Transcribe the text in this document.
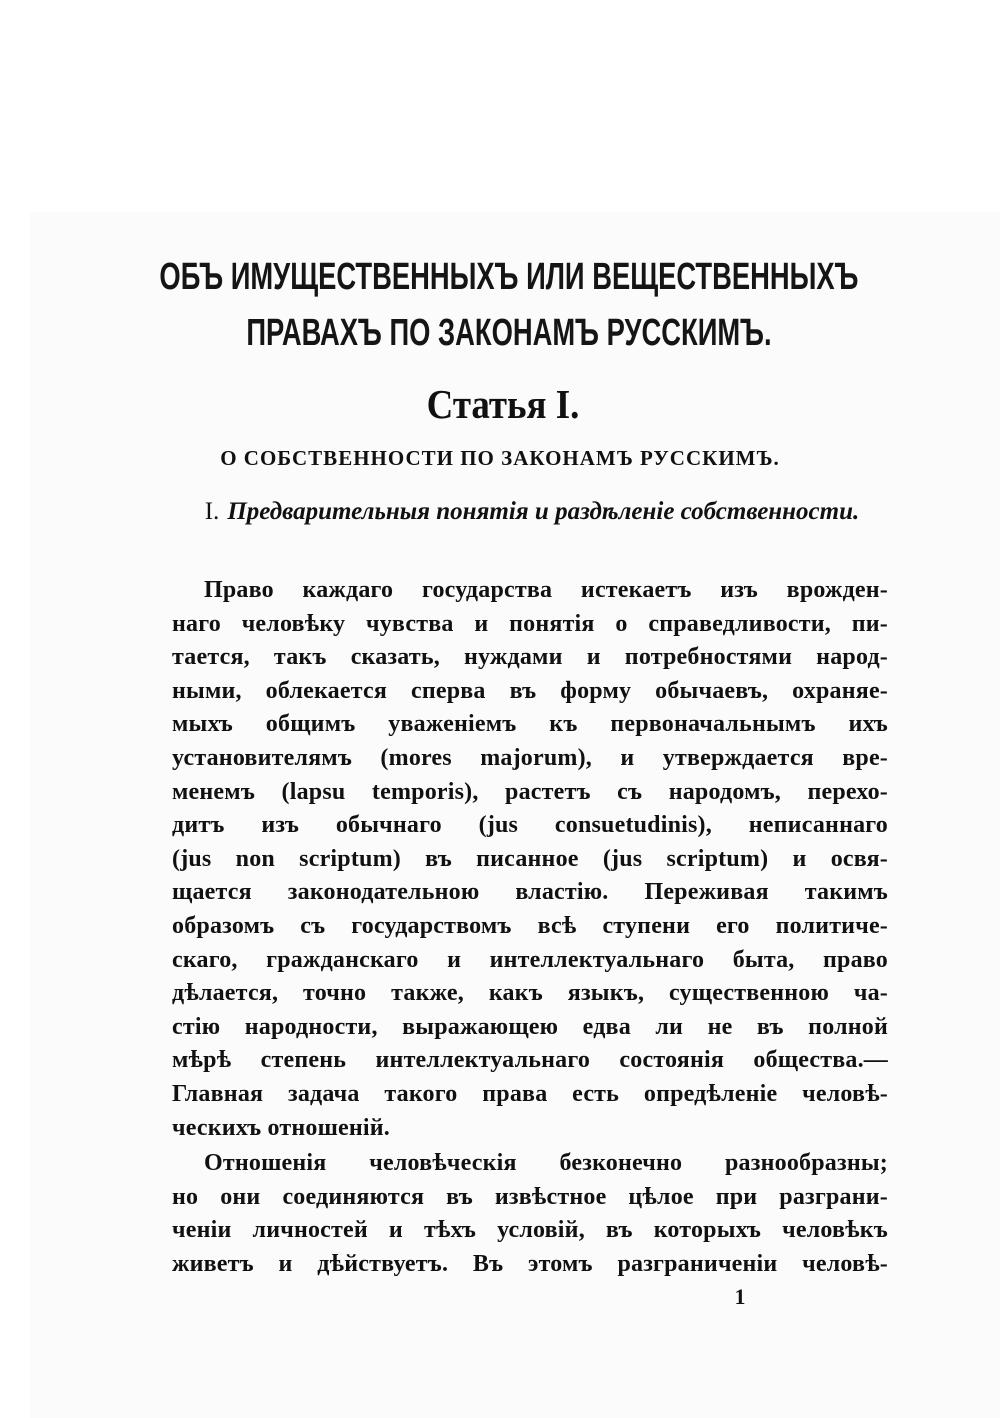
ОБЪ ИМУЩЕСТВЕННЫХЪ ИЛИ ВЕЩЕСТВЕННЫХЪ
ПРАВАХЪ ПО ЗАКОНАМЪ РУССКИМЪ.
Статья I.
О СОБСТВЕННОСТИ ПО ЗАКОНАМЪ РУССКИМЪ.
I. Предварительныя понятія и раздѣленіе собственности.
Право каждаго государства истекаетъ изъ врожден-
наго человѣку чувства и понятія о справедливости, пи-
тается, такъ сказать, нуждами и потребностями народ-
ными, облекается сперва въ форму обычаевъ, охраняе-
мыхъ общимъ уваженіемъ къ первоначальнымъ ихъ
установителямъ (mores majorum), и утверждается вре-
менемъ (lapsu temporis), растетъ съ народомъ, перехо-
дитъ изъ обычнаго (jus consuetudinis), неписаннаго
(jus non scriptum) въ писанное (jus scriptum) и освя-
щается законодательною властію. Переживая такимъ
образомъ съ государствомъ всѣ ступени его политиче-
скаго, гражданскаго и интеллектуальнаго быта, право
дѣлается, точно также, какъ языкъ, существенною ча-
стію народности, выражающею едва ли не въ полной
мѣрѣ степень интеллектуальнаго состоянія общества.—
Главная задача такого права есть опредѣленіе человѣ-
ческихъ отношеній.
Отношенія человѣческія безконечно разнообразны;
но они соединяются въ извѣстное цѣлое при разграни-
ченіи личностей и тѣхъ условій, въ которыхъ человѣкъ
живетъ и дѣйствуетъ. Въ этомъ разграниченіи человѣ-
1
